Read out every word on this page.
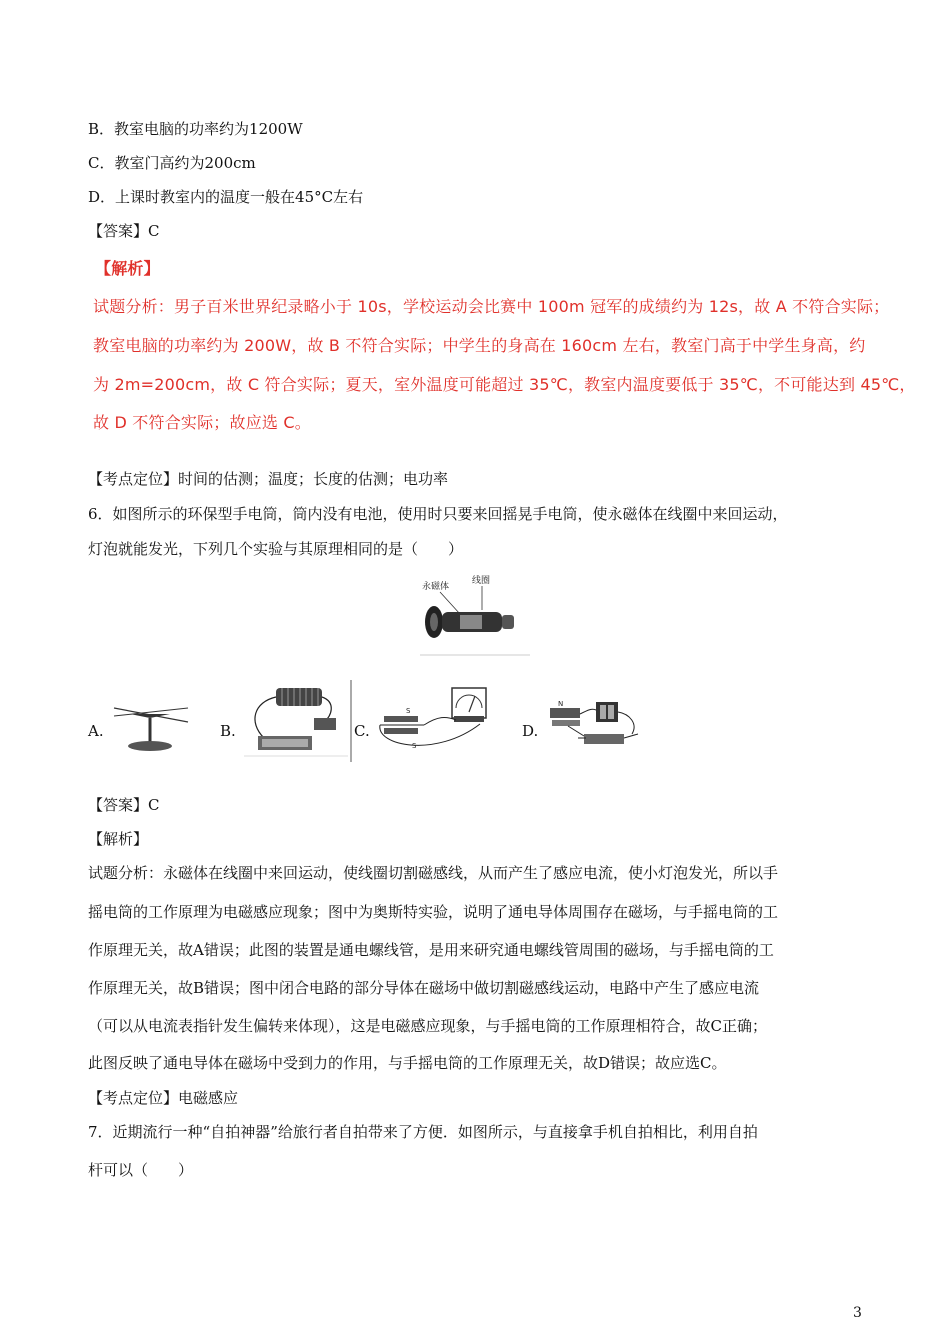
B．教室电脑的功率约为1200W
C．教室门高约为200cm
D．上课时教室内的温度一般在45°C左右
【答案】C
【解析】
试题分析：男子百米世界纪录略小于 10s，学校运动会比赛中 100m 冠军的成绩约为 12s，故 A 不符合实际；
教室电脑的功率约为 200W，故 B 不符合实际；中学生的身高在 160cm 左右，教室门高于中学生身高，约
为 2m=200cm，故 C 符合实际；夏天，室外温度可能超过 35℃，教室内温度要低于 35℃，不可能达到 45℃，
故 D 不符合实际；故应选 C。
【考点定位】时间的估测；温度；长度的估测；电功率
6．如图所示的环保型手电筒，筒内没有电池，使用时只要来回摇晃手电筒，使永磁体在线圈中来回运动，
灯泡就能发光，下列几个实验与其原理相同的是（　　）
永磁体
线圈
A.	B.	C.	D.
S
S
N
【答案】C
【解析】
试题分析：永磁体在线圈中来回运动，使线圈切割磁感线，从而产生了感应电流，使小灯泡发光，所以手
摇电筒的工作原理为电磁感应现象；图中为奥斯特实验，说明了通电导体周围存在磁场，与手摇电筒的工
作原理无关，故A错误；此图的装置是通电螺线管，是用来研究通电螺线管周围的磁场，与手摇电筒的工
作原理无关，故B错误；图中闭合电路的部分导体在磁场中做切割磁感线运动，电路中产生了感应电流
（可以从电流表指针发生偏转来体现），这是电磁感应现象，与手摇电筒的工作原理相符合，故C正确；
此图反映了通电导体在磁场中受到力的作用，与手摇电筒的工作原理无关，故D错误；故应选C。
【考点定位】电磁感应
7．近期流行一种“自拍神器”给旅行者自拍带来了方便．如图所示，与直接拿手机自拍相比，利用自拍
杆可以（　　）
3
